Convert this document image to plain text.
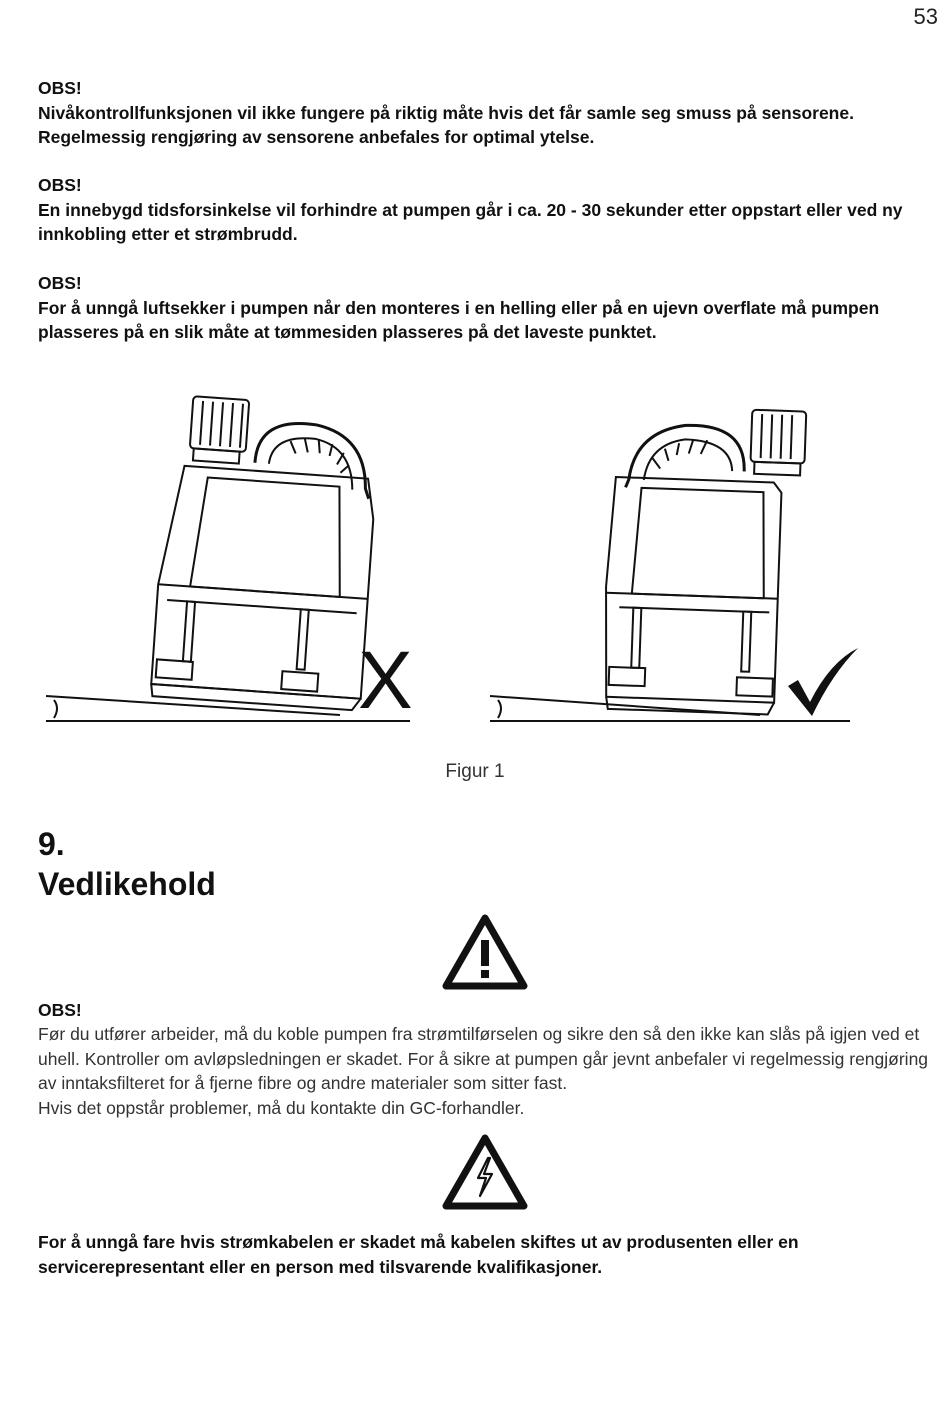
53

OBS!

Nivåkontrollfunksjonen vil ikke fungere på riktig måte hvis det får samle seg smuss på sensorene. Regelmessig rengjøring av sensorene anbefales for optimal ytelse.

OBS!

En innebygd tidsforsinkelse vil forhindre at pumpen går i ca. 20 - 30 sekunder etter oppstart eller ved ny innkobling etter et strømbrudd.

OBS!

For å unngå luftsekker i pumpen når den monteres i en helling eller på en ujevn overflate må pumpen plasseres på en slik måte at tømmesiden plasseres på det laveste punktet.

X
Figur 1
9.
Vedlikehold
OBS!

Før du utfører arbeider, må du koble pumpen fra strømtilførselen og sikre den så den ikke kan slås på igjen ved et uhell. Kontroller om avløpsledningen er skadet. For å sikre at pumpen går jevnt anbefaler vi regelmessig rengjøring av inntaksfilteret for å fjerne fibre og andre materialer som sitter fast.

Hvis det oppstår problemer, må du kontakte din GC-forhandler.

For å unngå fare hvis strømkabelen er skadet må kabelen skiftes ut av produsenten eller en servicerepresentant eller en person med tilsvarende kvalifikasjoner.
